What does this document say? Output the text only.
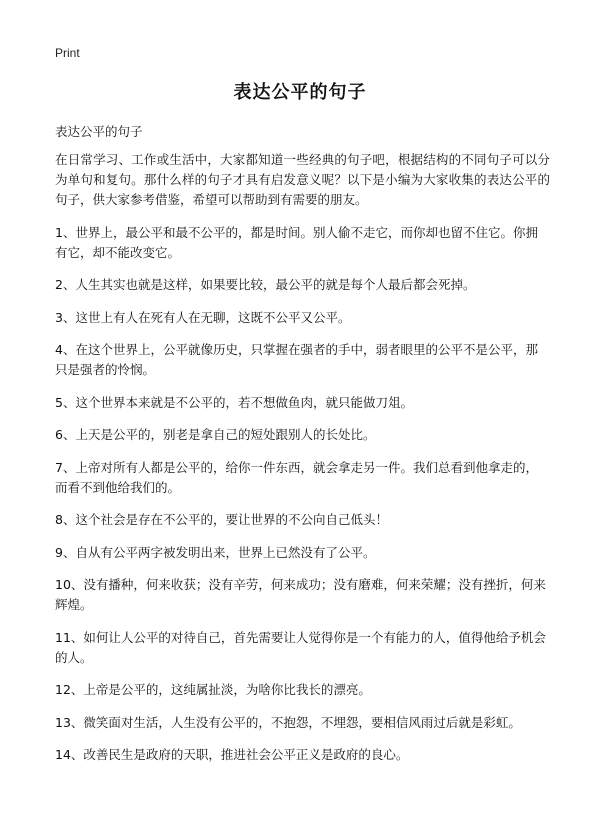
Print
表达公平的句子
表达公平的句子

在日常学习、工作或生活中，大家都知道一些经典的句子吧，根据结构的不同句子可以分为单句和复句。那什么样的句子才具有启发意义呢？以下是小编为大家收集的表达公平的句子，供大家参考借鉴，希望可以帮助到有需要的朋友。

1、世界上，最公平和最不公平的，都是时间。别人偷不走它，而你却也留不住它。你拥有它，却不能改变它。

2、人生其实也就是这样，如果要比较，最公平的就是每个人最后都会死掉。

3、这世上有人在死有人在无聊，这既不公平又公平。

4、在这个世界上，公平就像历史，只掌握在强者的手中，弱者眼里的公平不是公平，那只是强者的怜悯。

5、这个世界本来就是不公平的，若不想做鱼肉，就只能做刀俎。

6、上天是公平的，别老是拿自己的短处跟别人的长处比。

7、上帝对所有人都是公平的，给你一件东西，就会拿走另一件。我们总看到他拿走的，而看不到他给我们的。

8、这个社会是存在不公平的，要让世界的不公向自己低头！

9、自从有公平两字被发明出来，世界上已然没有了公平。

10、没有播种，何来收获；没有辛劳，何来成功；没有磨难，何来荣耀；没有挫折，何来辉煌。

11、如何让人公平的对待自己，首先需要让人觉得你是一个有能力的人，值得他给予机会的人。

12、上帝是公平的，这纯属扯淡，为啥你比我长的漂亮。

13、微笑面对生活，人生没有公平的，不抱怨，不埋怨，要相信风雨过后就是彩虹。

14、改善民生是政府的天职，推进社会公平正义是政府的良心。
